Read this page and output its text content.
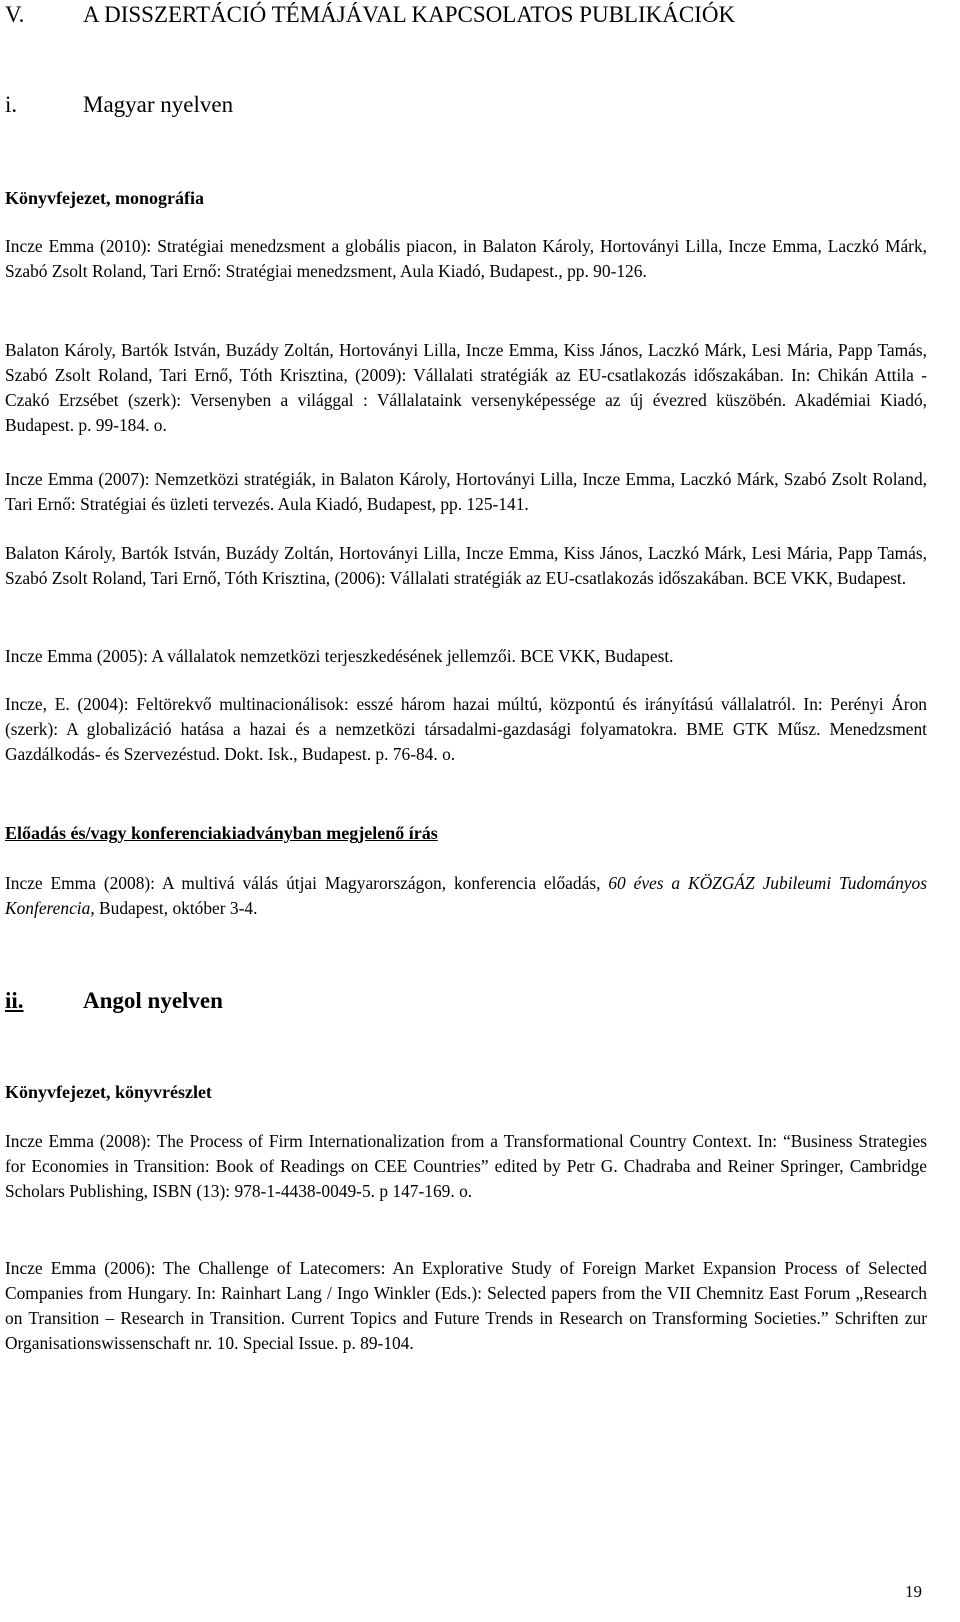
V.	A DISSZERTÁCIÓ TÉMÁJÁVAL KAPCSOLATOS PUBLIKÁCIÓK
i.	Magyar nyelven
Könyvfejezet, monográfia
Incze Emma (2010): Stratégiai menedzsment a globális piacon, in Balaton Károly, Hortoványi Lilla, Incze Emma, Laczkó Márk, Szabó Zsolt Roland, Tari Ernő: Stratégiai menedzsment, Aula Kiadó, Budapest., pp. 90-126.
Balaton Károly, Bartók István, Buzády Zoltán, Hortoványi Lilla, Incze Emma, Kiss János, Laczkó Márk, Lesi Mária, Papp Tamás, Szabó Zsolt Roland, Tari Ernő, Tóth Krisztina, (2009): Vállalati stratégiák az EU-csatlakozás időszakában. In: Chikán Attila - Czakó Erzsébet (szerk): Versenyben a világgal : Vállalataink versenyképessége az új évezred küszöbén. Akadémiai Kiadó, Budapest. p. 99-184. o.
Incze Emma (2007): Nemzetközi stratégiák, in Balaton Károly, Hortoványi Lilla, Incze Emma, Laczkó Márk, Szabó Zsolt Roland, Tari Ernő: Stratégiai és üzleti tervezés. Aula Kiadó, Budapest, pp. 125-141.
Balaton Károly, Bartók István, Buzády Zoltán, Hortoványi Lilla, Incze Emma, Kiss János, Laczkó Márk, Lesi Mária, Papp Tamás, Szabó Zsolt Roland, Tari Ernő, Tóth Krisztina, (2006): Vállalati stratégiák az EU-csatlakozás időszakában. BCE VKK, Budapest.
Incze Emma (2005): A vállalatok nemzetközi terjeszkedésének jellemzői. BCE VKK, Budapest.
Incze, E. (2004): Feltörekvő multinacionálisok: esszé három hazai múltú, központú és irányítású vállalatról. In: Perényi Áron (szerk): A globalizáció hatása a hazai és a nemzetközi társadalmi-gazdasági folyamatokra. BME GTK Műsz. Menedzsment Gazdálkodás- és Szervezéstud. Dokt. Isk., Budapest. p. 76-84. o.
Előadás és/vagy konferenciakiadványban megjelenő írás
Incze Emma (2008): A multivá válás útjai Magyarországon, konferencia előadás, 60 éves a KÖZGÁZ Jubileumi Tudományos Konferencia, Budapest, október 3-4.
ii.	Angol nyelven
Könyvfejezet, könyvrészlet
Incze Emma (2008): The Process of Firm Internationalization from a Transformational Country Context. In: “Business Strategies for Economies in Transition: Book of Readings on CEE Countries” edited by Petr G. Chadraba and Reiner Springer, Cambridge Scholars Publishing, ISBN (13): 978-1-4438-0049-5. p 147-169. o.
Incze Emma (2006): The Challenge of Latecomers: An Explorative Study of Foreign Market Expansion Process of Selected Companies from Hungary. In: Rainhart Lang / Ingo Winkler (Eds.): Selected papers from the VII Chemnitz East Forum „Research on Transition – Research in Transition. Current Topics and Future Trends in Research on Transforming Societies.” Schriften zur Organisationswissenschaft nr. 10. Special Issue. p. 89-104.
19
